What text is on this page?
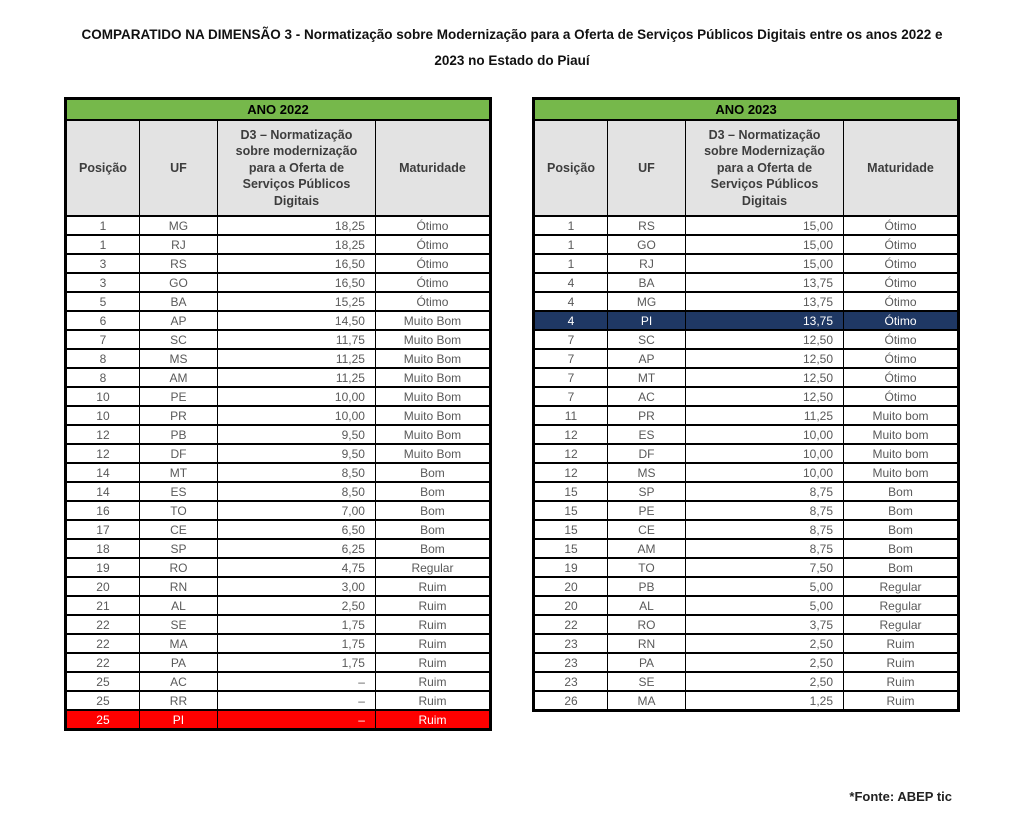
COMPARATIDO NA DIMENSÃO 3 - Normatização sobre Modernização para a Oferta de Serviços Públicos Digitais entre os anos 2022 e
2023 no Estado do Piauí
ANO 2022			
Posição	UF	D3 – Normatização sobre modernização para a Oferta de Serviços Públicos Digitais	Maturidade
1	MG	18,25	Ótimo
1	RJ	18,25	Ótimo
3	RS	16,50	Ótimo
3	GO	16,50	Ótimo
5	BA	15,25	Ótimo
6	AP	14,50	Muito Bom
7	SC	11,75	Muito Bom
8	MS	11,25	Muito Bom
8	AM	11,25	Muito Bom
10	PE	10,00	Muito Bom
10	PR	10,00	Muito Bom
12	PB	9,50	Muito Bom
12	DF	9,50	Muito Bom
14	MT	8,50	Bom
14	ES	8,50	Bom
16	TO	7,00	Bom
17	CE	6,50	Bom
18	SP	6,25	Bom
19	RO	4,75	Regular
20	RN	3,00	Ruim
21	AL	2,50	Ruim
22	SE	1,75	Ruim
22	MA	1,75	Ruim
22	PA	1,75	Ruim
25	AC	–	Ruim
25	RR	–	Ruim
25	PI	–	Ruim
ANO 2023			
Posição	UF	D3 – Normatização sobre Modernização para a Oferta de Serviços Públicos Digitais	Maturidade
1	RS	15,00	Ótimo
1	GO	15,00	Ótimo
1	RJ	15,00	Ótimo
4	BA	13,75	Ótimo
4	MG	13,75	Ótimo
4	PI	13,75	Ótimo
7	SC	12,50	Ótimo
7	AP	12,50	Ótimo
7	MT	12,50	Ótimo
7	AC	12,50	Ótimo
11	PR	11,25	Muito bom
12	ES	10,00	Muito bom
12	DF	10,00	Muito bom
12	MS	10,00	Muito bom
15	SP	8,75	Bom
15	PE	8,75	Bom
15	CE	8,75	Bom
15	AM	8,75	Bom
19	TO	7,50	Bom
20	PB	5,00	Regular
20	AL	5,00	Regular
22	RO	3,75	Regular
23	RN	2,50	Ruim
23	PA	2,50	Ruim
23	SE	2,50	Ruim
26	MA	1,25	Ruim
*Fonte: ABEP tic
